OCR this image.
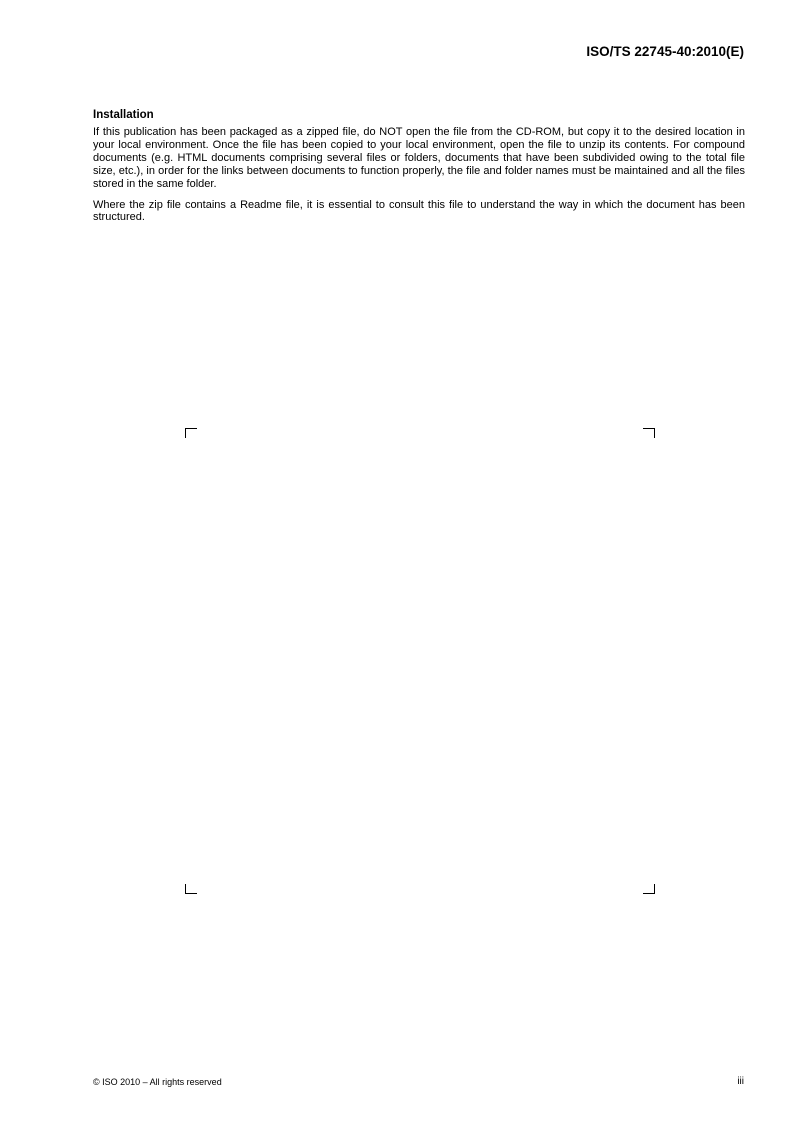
ISO/TS 22745-40:2010(E)
Installation

If this publication has been packaged as a zipped file, do NOT open the file from the CD-ROM, but copy it to the desired location in your local environment. Once the file has been copied to your local environment, open the file to unzip its contents. For compound documents (e.g. HTML documents comprising several files or folders, documents that have been subdivided owing to the total file size, etc.), in order for the links between documents to function properly, the file and folder names must be maintained and all the files stored in the same folder.

Where the zip file contains a Readme file, it is essential to consult this file to understand the way in which the document has been structured.

© ISO 2010 – All rights reserved	iii
